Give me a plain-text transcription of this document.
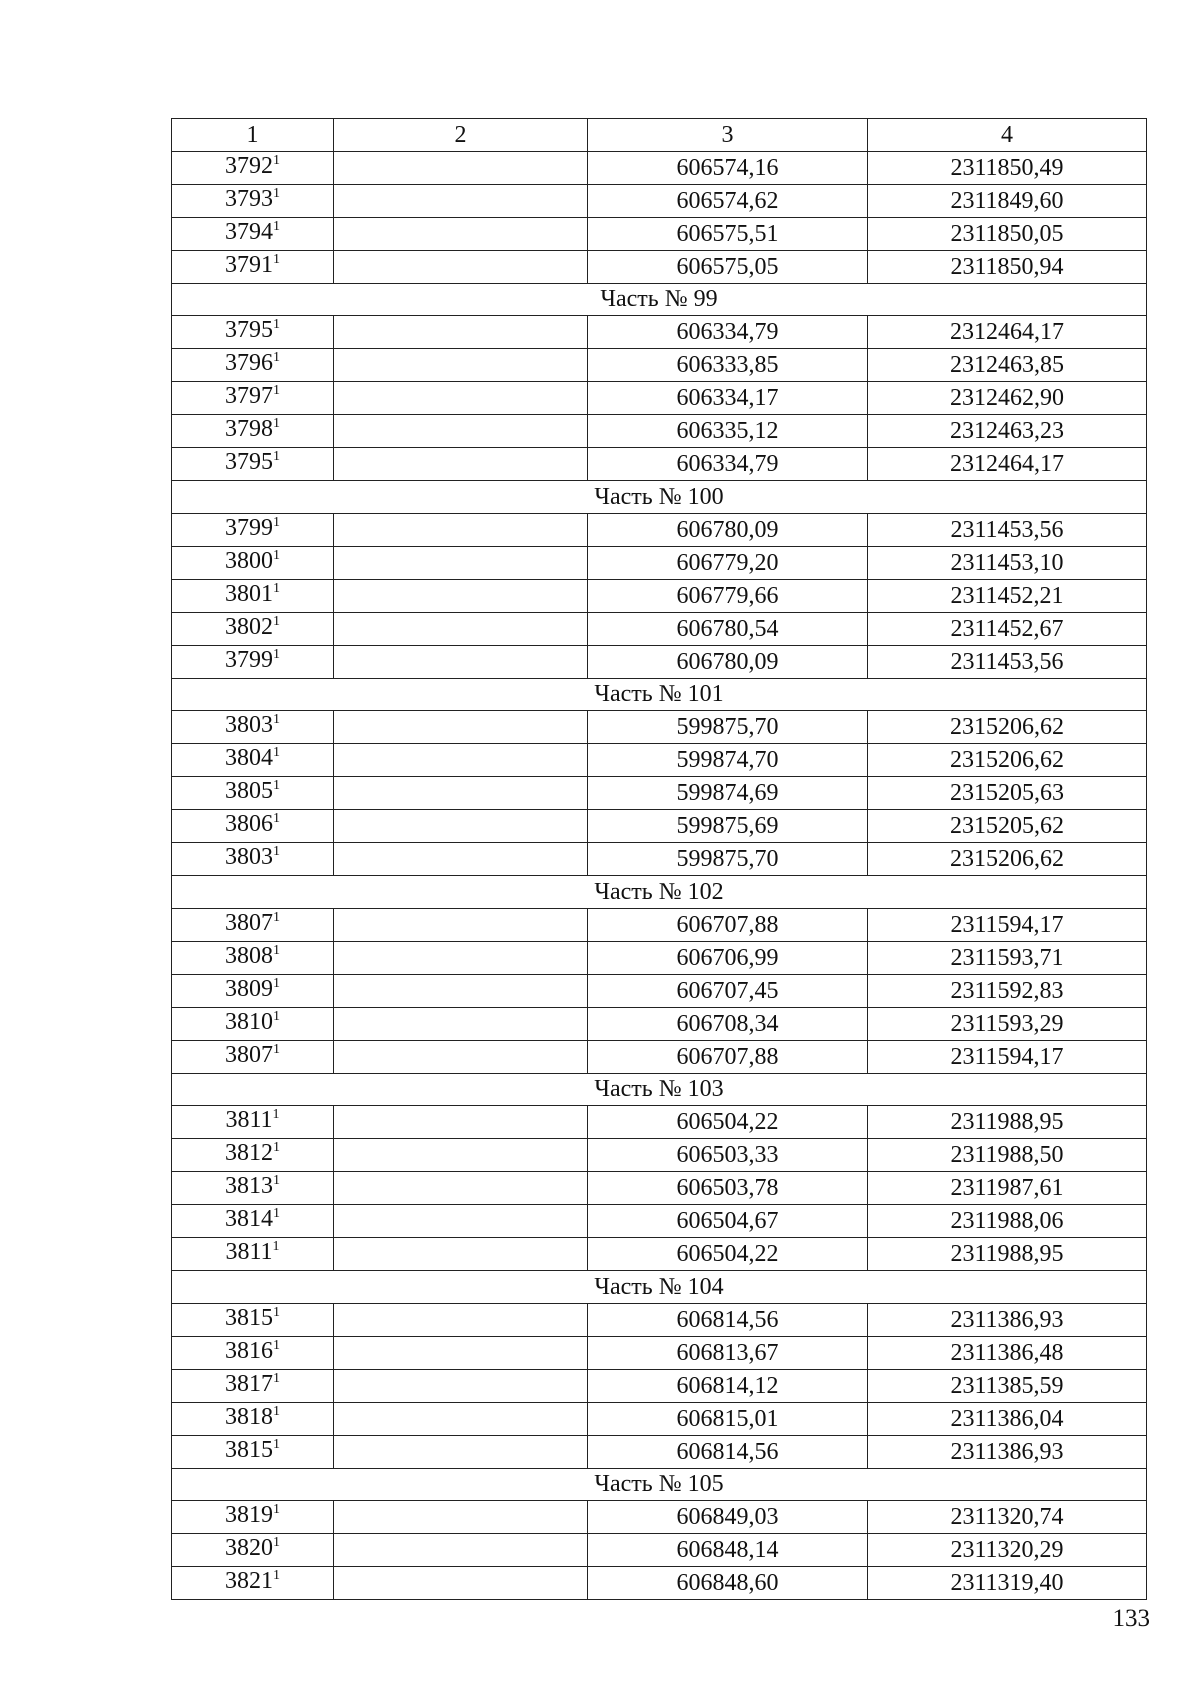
1	2	3	4
3792$^1$		606574,16	2311850,49
3793$^1$		606574,62	2311849,60
3794$^1$		606575,51	2311850,05
3791$^1$		606575,05	2311850,94
Часть № 99			
3795$^1$		606334,79	2312464,17
3796$^1$		606333,85	2312463,85
3797$^1$		606334,17	2312462,90
3798$^1$		606335,12	2312463,23
3795$^1$		606334,79	2312464,17
Часть № 100			
3799$^1$		606780,09	2311453,56
3800$^1$		606779,20	2311453,10
3801$^1$		606779,66	2311452,21
3802$^1$		606780,54	2311452,67
3799$^1$		606780,09	2311453,56
Часть № 101			
3803$^1$		599875,70	2315206,62
3804$^1$		599874,70	2315206,62
3805$^1$		599874,69	2315205,63
3806$^1$		599875,69	2315205,62
3803$^1$		599875,70	2315206,62
Часть № 102			
3807$^1$		606707,88	2311594,17
3808$^1$		606706,99	2311593,71
3809$^1$		606707,45	2311592,83
3810$^1$		606708,34	2311593,29
3807$^1$		606707,88	2311594,17
Часть № 103			
3811$^1$		606504,22	2311988,95
3812$^1$		606503,33	2311988,50
3813$^1$		606503,78	2311987,61
3814$^1$		606504,67	2311988,06
3811$^1$		606504,22	2311988,95
Часть № 104			
3815$^1$		606814,56	2311386,93
3816$^1$		606813,67	2311386,48
3817$^1$		606814,12	2311385,59
3818$^1$		606815,01	2311386,04
3815$^1$		606814,56	2311386,93
Часть № 105			
3819$^1$		606849,03	2311320,74
3820$^1$		606848,14	2311320,29
3821$^1$		606848,60	2311319,40
133
